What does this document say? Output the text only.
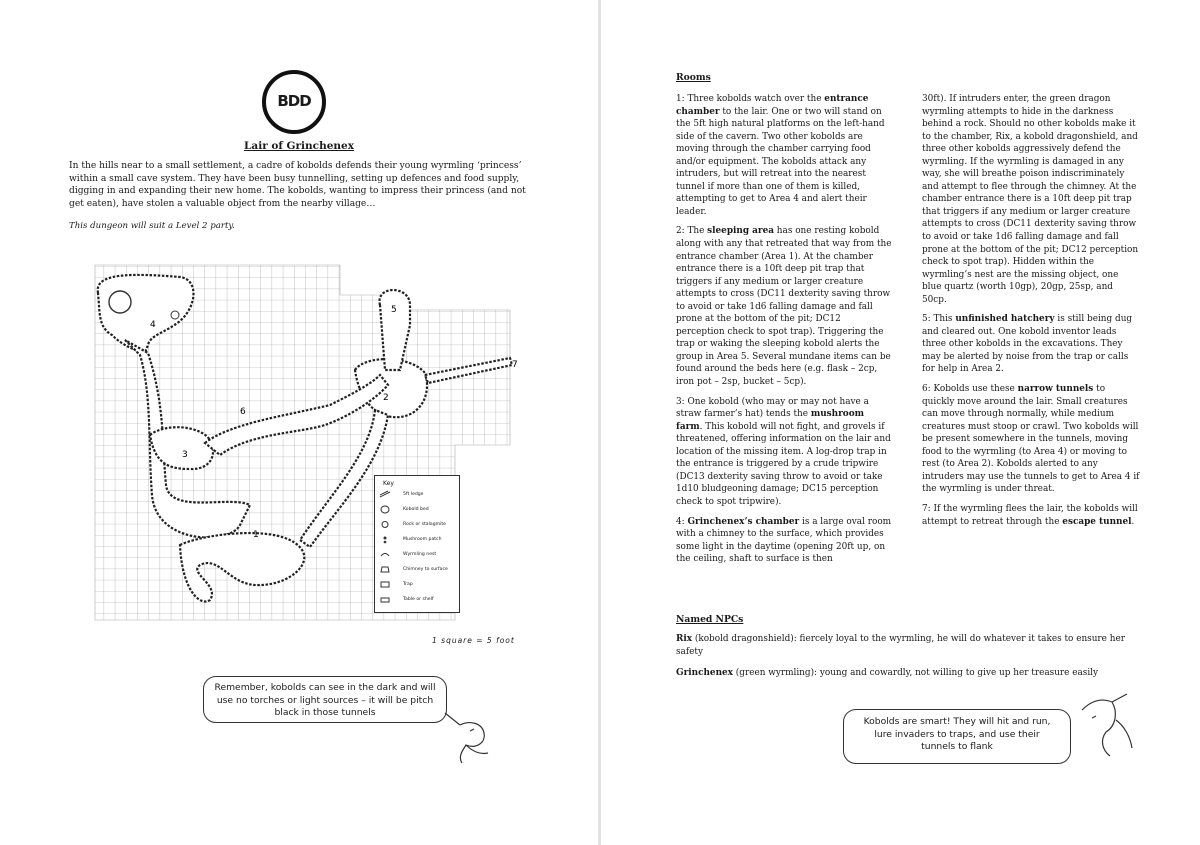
BDD
Lair of Grinchenex
In the hills near to a small settlement, a cadre of kobolds defends their young wyrmling ‘princess’ within a small cave system. They have been busy tunnelling, setting up defences and food supply, digging in and expanding their new home. The kobolds, wanting to impress their princess (and not get eaten), have stolen a valuable object from the nearby village…
This dungeon will suit a Level 2 party.
4
5
7
2
6
3
1
Key
5ft ledge
Kobold bed
Rock or stalagmite
Mushroom patch
Wyrmling nest
Chimney to surface
Trap
Table or shelf
1 square = 5 foot
Remember, kobolds can see in the dark and will use no torches or light sources – it will be pitch black in those tunnels
Rooms

1: Three kobolds watch over the entrance chamber to the lair. One or two will stand on the 5ft high natural platforms on the left-hand side of the cavern. Two other kobolds are moving through the chamber carrying food and/or equipment. The kobolds attack any intruders, but will retreat into the nearest tunnel if more than one of them is killed, attempting to get to Area 4 and alert their leader.

2: The sleeping area has one resting kobold along with any that retreated that way from the entrance chamber (Area 1). At the chamber entrance there is a 10ft deep pit trap that triggers if any medium or larger creature attempts to cross (DC11 dexterity saving throw to avoid or take 1d6 falling damage and fall prone at the bottom of the pit; DC12 perception check to spot trap). Triggering the trap or waking the sleeping kobold alerts the group in Area 5. Several mundane items can be found around the beds here (e.g. flask – 2cp, iron pot – 2sp, bucket – 5cp).

3: One kobold (who may or may not have a straw farmer’s hat) tends the mushroom farm. This kobold will not fight, and grovels if threatened, offering information on the lair and location of the missing item. A log-drop trap in the entrance is triggered by a crude tripwire (DC13 dexterity saving throw to avoid or take 1d10 bludgeoning damage; DC15 perception check to spot tripwire).

4: Grinchenex’s chamber is a large oval room with a chimney to the surface, which provides some light in the daytime (opening 20ft up, on the ceiling, shaft to surface is then

30ft). If intruders enter, the green dragon wyrmling attempts to hide in the darkness behind a rock. Should no other kobolds make it to the chamber, Rix, a kobold dragonshield, and three other kobolds aggressively defend the wyrmling. If the wyrmling is damaged in any way, she will breathe poison indiscriminately and attempt to flee through the chimney. At the chamber entrance there is a 10ft deep pit trap that triggers if any medium or larger creature attempts to cross (DC11 dexterity saving throw to avoid or take 1d6 falling damage and fall prone at the bottom of the pit; DC12 perception check to spot trap). Hidden within the wyrmling’s nest are the missing object, one blue quartz (worth 10gp), 20gp, 25sp, and 50cp.

5: This unfinished hatchery is still being dug and cleared out. One kobold inventor leads three other kobolds in the excavations. They may be alerted by noise from the trap or calls for help in Area 2.

6: Kobolds use these narrow tunnels to quickly move around the lair. Small creatures can move through normally, while medium creatures must stoop or crawl. Two kobolds will be present somewhere in the tunnels, moving food to the wyrmling (to Area 4) or moving to rest (to Area 2). Kobolds alerted to any intruders may use the tunnels to get to Area 4 if the wyrmling is under threat.

7: If the wyrmling flees the lair, the kobolds will attempt to retreat through the escape tunnel.

Named NPCs

Rix (kobold dragonshield): fiercely loyal to the wyrmling, he will do whatever it takes to ensure her safety

Grinchenex (green wyrmling): young and cowardly, not willing to give up her treasure easily

Kobolds are smart! They will hit and run, lure invaders to traps, and use their tunnels to flank
